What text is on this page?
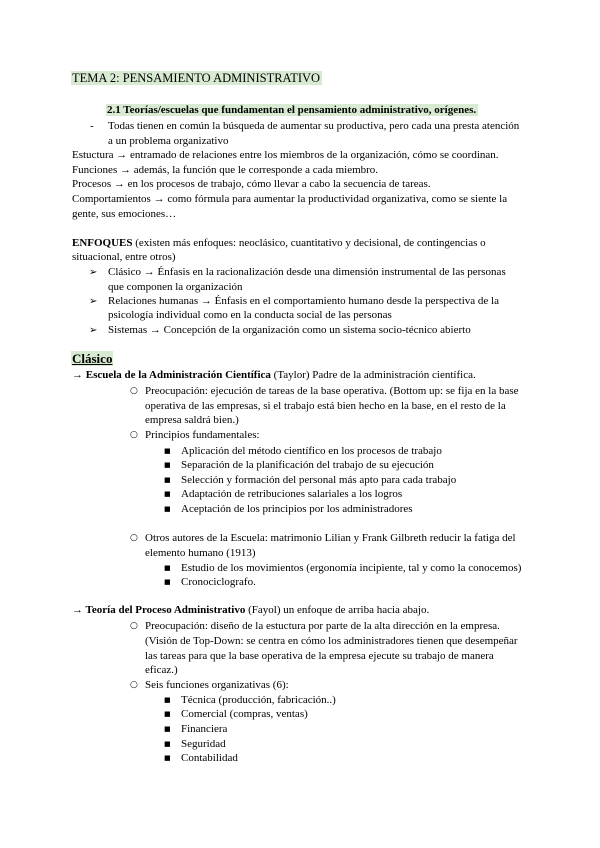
TEMA 2: PENSAMIENTO ADMINISTRATIVO
2.1 Teorías/escuelas que fundamentan el pensamiento administrativo, orígenes.
- Todas tienen en común la búsqueda de aumentar su productiva, pero cada una presta atención
a un problema organizativo
Estuctura → entramado de relaciones entre los miembros de la organización, cómo se coordinan.
Funciones → además, la función que le corresponde a cada miembro.
Procesos → en los procesos de trabajo, cómo llevar a cabo la secuencia de tareas.
Comportamientos → como fórmula para aumentar la productividad organizativa, como se siente la
gente, sus emociones…
ENFOQUES (existen más enfoques: neoclásico, cuantitativo y decisional, de contingencias o
situacional, entre otros)
➢ Clásico → Énfasis en la racionalización desde una dimensión instrumental de las personas
que componen la organización
➢ Relaciones humanas → Énfasis en el comportamiento humano desde la perspectiva de la
psicología individual como en la conducta social de las personas
➢ Sistemas → Concepción de la organización como un sistema socio-técnico abierto
Clásico
→ Escuela de la Administración Científica (Taylor) Padre de la administración científica.
○ Preocupación: ejecución de tareas de la base operativa. (Bottom up: se fija en la base
operativa de las empresas, si el trabajo está bien hecho en la base, en el resto de la
empresa saldrá bien.)
○ Principios fundamentales:
■ Aplicación del método científico en los procesos de trabajo
■ Separación de la planificación del trabajo de su ejecución
■ Selección y formación del personal más apto para cada trabajo
■ Adaptación de retribuciones salariales a los logros
■ Aceptación de los principios por los administradores
○ Otros autores de la Escuela: matrimonio Lilian y Frank Gilbreth reducir la fatiga del
elemento humano (1913)
■ Estudio de los movimientos (ergonomía incipiente, tal y como la conocemos)
■ Cronociclografo.
→ Teoría del Proceso Administrativo (Fayol) un enfoque de arriba hacia abajo.
○ Preocupación: diseño de la estuctura por parte de la alta dirección en la empresa.
(Visión de Top-Down: se centra en cómo los administradores tienen que desempeñar
las tareas para que la base operativa de la empresa ejecute su trabajo de manera
eficaz.)
○ Seis funciones organizativas (6):
■ Técnica (producción, fabricación..)
■ Comercial (compras, ventas)
■ Financiera
■ Seguridad
■ Contabilidad
